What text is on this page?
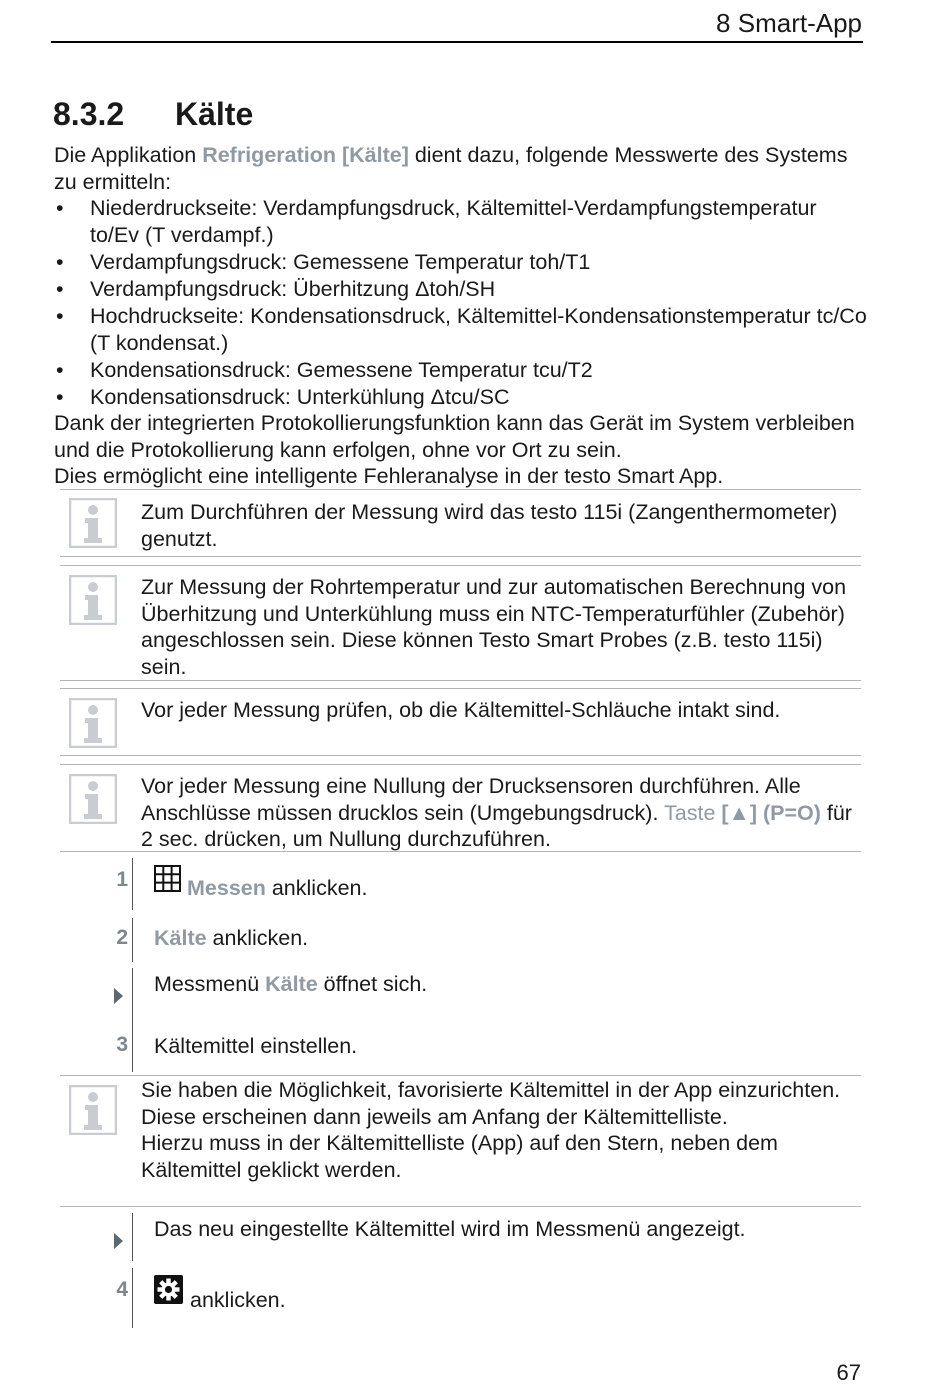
8 Smart-App
8.3.2 Kälte
Die Applikation Refrigeration [Kälte] dient dazu, folgende Messwerte des Systems zu ermitteln:
• Niederdruckseite: Verdampfungsdruck, Kältemittel-Verdampfungstemperatur to/Ev (T verdampf.)
• Verdampfungsdruck: Gemessene Temperatur toh/T1
• Verdampfungsdruck: Überhitzung Δtoh/SH
• Hochdruckseite: Kondensationsdruck, Kältemittel-Kondensationstemperatur tc/Co (T kondensat.)
• Kondensationsdruck: Gemessene Temperatur tcu/T2
• Kondensationsdruck: Unterkühlung Δtcu/SC
Dank der integrierten Protokollierungsfunktion kann das Gerät im System verbleiben und die Protokollierung kann erfolgen, ohne vor Ort zu sein.
Dies ermöglicht eine intelligente Fehleranalyse in der testo Smart App.
Zum Durchführen der Messung wird das testo 115i (Zangenthermometer) genutzt.
Zur Messung der Rohrtemperatur und zur automatischen Berechnung von Überhitzung und Unterkühlung muss ein NTC-Temperaturfühler (Zubehör) angeschlossen sein. Diese können Testo Smart Probes (z.B. testo 115i) sein.
Vor jeder Messung prüfen, ob die Kältemittel-Schläuche intakt sind.
Vor jeder Messung eine Nullung der Drucksensoren durchführen. Alle Anschlüsse müssen drucklos sein (Umgebungsdruck). Taste [▲] (P=O) für 2 sec. drücken, um Nullung durchzuführen.
1	Messen anklicken.
2 Kälte anklicken.
Messmenü Kälte öffnet sich.
3 Kältemittel einstellen.
Sie haben die Möglichkeit, favorisierte Kältemittel in der App einzurichten. Diese erscheinen dann jeweils am Anfang der Kältemittelliste.
Hierzu muss in der Kältemittelliste (App) auf den Stern, neben dem Kältemittel geklickt werden.
Das neu eingestellte Kältemittel wird im Messmenü angezeigt.
4	anklicken.
67
